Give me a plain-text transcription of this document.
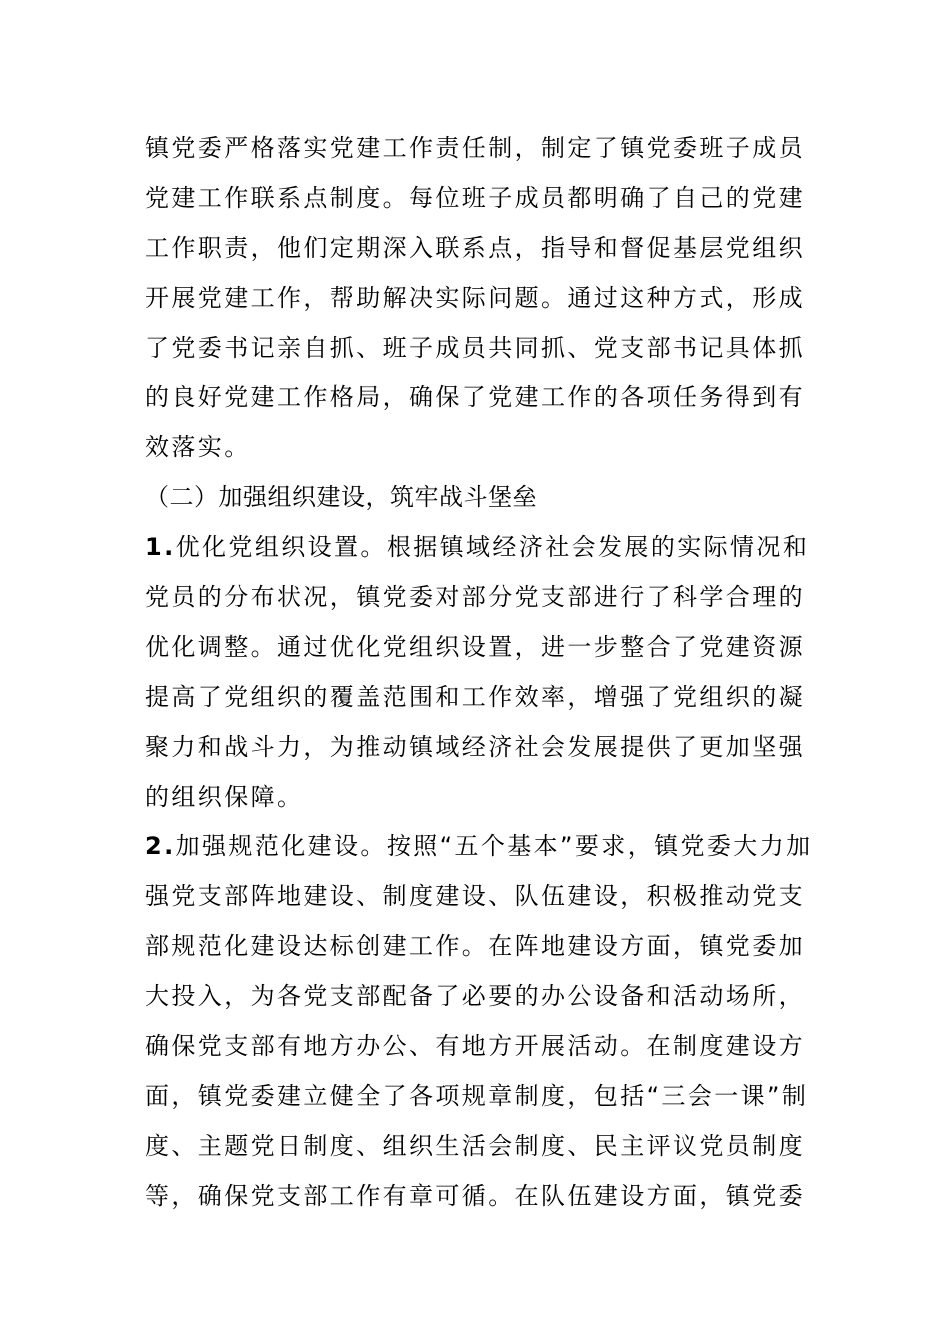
镇党委严格落实党建工作责任制，制定了镇党委班子成员
党建工作联系点制度。每位班子成员都明确了自己的党建
工作职责，他们定期深入联系点，指导和督促基层党组织
开展党建工作，帮助解决实际问题。通过这种方式，形成
了党委书记亲自抓、班子成员共同抓、党支部书记具体抓
的良好党建工作格局，确保了党建工作的各项任务得到有
效落实。
（二）加强组织建设，筑牢战斗堡垒
1.优化党组织设置。根据镇域经济社会发展的实际情况和
党员的分布状况，镇党委对部分党支部进行了科学合理的
优化调整。通过优化党组织设置，进一步整合了党建资源
提高了党组织的覆盖范围和工作效率，增强了党组织的凝
聚力和战斗力，为推动镇域经济社会发展提供了更加坚强
的组织保障。
2.加强规范化建设。按照“五个基本”要求，镇党委大力加
强党支部阵地建设、制度建设、队伍建设，积极推动党支
部规范化建设达标创建工作。在阵地建设方面，镇党委加
大投入，为各党支部配备了必要的办公设备和活动场所，
确保党支部有地方办公、有地方开展活动。在制度建设方
面，镇党委建立健全了各项规章制度，包括“三会一课”制
度、主题党日制度、组织生活会制度、民主评议党员制度
等，确保党支部工作有章可循。在队伍建设方面，镇党委
